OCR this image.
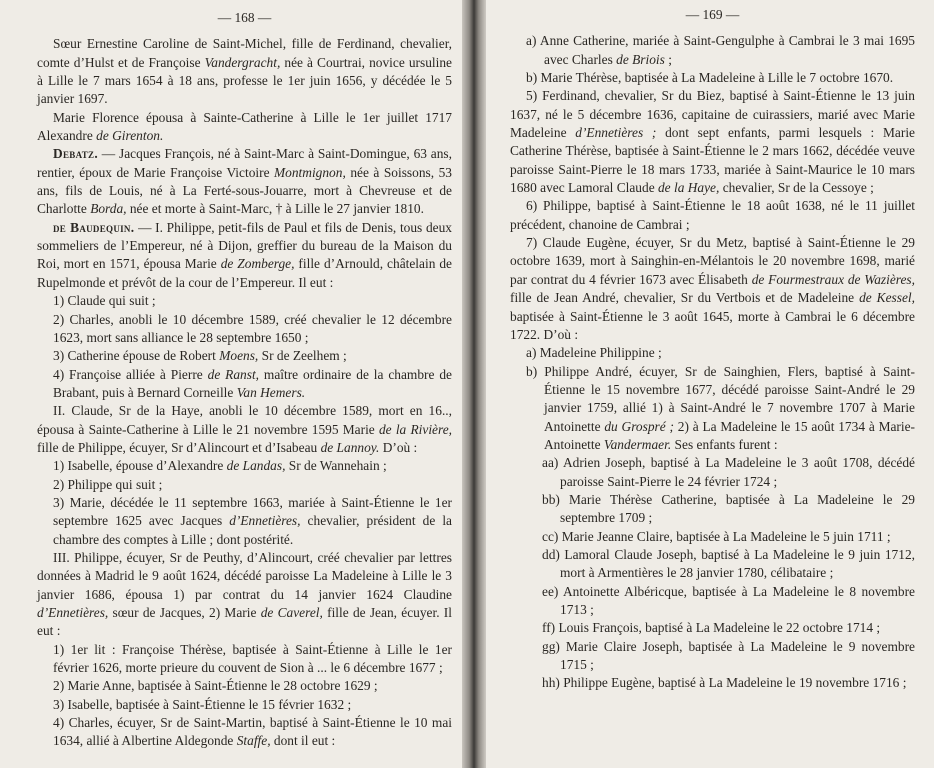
— 168 —

Sœur Ernestine Caroline de Saint-Michel, fille de Ferdinand, chevalier, comte d’Hulst et de Françoise Vandergracht, née à Courtrai, novice ursuline à Lille le 7 mars 1654 à 18 ans, professe le 1er juin 1656, y décédée le 5 janvier 1697.

Marie Florence épousa à Sainte-Catherine à Lille le 1er juillet 1717 Alexandre de Girenton.

Debatz. — Jacques François, né à Saint-Marc à Saint-Domingue, 63 ans, rentier, époux de Marie Françoise Victoire Montmignon, née à Soissons, 53 ans, fils de Louis, né à La Ferté-sous-Jouarre, mort à Chevreuse et de Charlotte Borda, née et morte à Saint-Marc, † à Lille le 27 janvier 1810.

de Baudequin. — I. Philippe, petit-fils de Paul et fils de Denis, tous deux sommeliers de l’Empereur, né à Dijon, greffier du bureau de la Maison du Roi, mort en 1571, épousa Marie de Zomberge, fille d’Arnould, châtelain de Rupelmonde et prévôt de la cour de l’Empereur. Il eut :

1) Claude qui suit ;

2) Charles, anobli le 10 décembre 1589, créé chevalier le 12 décembre 1623, mort sans alliance le 28 septembre 1650 ;

3) Catherine épouse de Robert Moens, Sr de Zeelhem ;

4) Françoise alliée à Pierre de Ranst, maître ordinaire de la chambre de Brabant, puis à Bernard Corneille Van Hemers.

II. Claude, Sr de la Haye, anobli le 10 décembre 1589, mort en 16.., épousa à Sainte-Catherine à Lille le 21 novembre 1595 Marie de la Rivière, fille de Philippe, écuyer, Sr d’Alincourt et d’Isabeau de Lannoy. D’où :

1) Isabelle, épouse d’Alexandre de Landas, Sr de Wannehain ;

2) Philippe qui suit ;

3) Marie, décédée le 11 septembre 1663, mariée à Saint-Étienne le 1er septembre 1625 avec Jacques d’Ennetières, chevalier, président de la chambre des comptes à Lille ; dont postérité.

III. Philippe, écuyer, Sr de Peuthy, d’Alincourt, créé chevalier par lettres données à Madrid le 9 août 1624, décédé paroisse La Madeleine à Lille le 3 janvier 1686, épousa 1) par contrat du 14 janvier 1624 Claudine d’Ennetières, sœur de Jacques, 2) Marie de Caverel, fille de Jean, écuyer. Il eut :

1) 1er lit : Françoise Thérèse, baptisée à Saint-Étienne à Lille le 1er février 1626, morte prieure du couvent de Sion à ... le 6 décembre 1677 ;

2) Marie Anne, baptisée à Saint-Étienne le 28 octobre 1629 ;

3) Isabelle, baptisée à Saint-Étienne le 15 février 1632 ;

4) Charles, écuyer, Sr de Saint-Martin, baptisé à Saint-Étienne le 10 mai 1634, allié à Albertine Aldegonde Staffe, dont il eut :

— 169 —

a) Anne Catherine, mariée à Saint-Gengulphe à Cambrai le 3 mai 1695 avec Charles de Briois ;

b) Marie Thérèse, baptisée à La Madeleine à Lille le 7 octobre 1670.

5) Ferdinand, chevalier, Sr du Biez, baptisé à Saint-Étienne le 13 juin 1637, né le 5 décembre 1636, capitaine de cuirassiers, marié avec Marie Madeleine d’Ennetières ; dont sept enfants, parmi lesquels : Marie Catherine Thérèse, baptisée à Saint-Étienne le 2 mars 1662, décédée veuve paroisse Saint-Pierre le 18 mars 1733, mariée à Saint-Maurice le 10 mars 1680 avec Lamoral Claude de la Haye, chevalier, Sr de la Cessoye ;

6) Philippe, baptisé à Saint-Étienne le 18 août 1638, né le 11 juillet précédent, chanoine de Cambrai ;

7) Claude Eugène, écuyer, Sr du Metz, baptisé à Saint-Étienne le 29 octobre 1639, mort à Sainghin-en-Mélantois le 20 novembre 1698, marié par contrat du 4 février 1673 avec Élisabeth de Fourmestraux de Wazières, fille de Jean André, chevalier, Sr du Vertbois et de Madeleine de Kessel, baptisée à Saint-Étienne le 3 août 1645, morte à Cambrai le 6 décembre 1722. D’où :

a) Madeleine Philippine ;

b) Philippe André, écuyer, Sr de Sainghien, Flers, baptisé à Saint-Étienne le 15 novembre 1677, décédé paroisse Saint-André le 29 janvier 1759, allié 1) à Saint-André le 7 novembre 1707 à Marie Antoinette du Grospré ; 2) à La Madeleine le 15 août 1734 à Marie-Antoinette Vandermaer. Ses enfants furent :

aa) Adrien Joseph, baptisé à La Madeleine le 3 août 1708, décédé paroisse Saint-Pierre le 24 février 1724 ;

bb) Marie Thérèse Catherine, baptisée à La Madeleine le 29 septembre 1709 ;

cc) Marie Jeanne Claire, baptisée à La Madeleine le 5 juin 1711 ;

dd) Lamoral Claude Joseph, baptisé à La Madeleine le 9 juin 1712, mort à Armentières le 28 janvier 1780, célibataire ;

ee) Antoinette Albéricque, baptisée à La Madeleine le 8 novembre 1713 ;

ff) Louis François, baptisé à La Madeleine le 22 octobre 1714 ;

gg) Marie Claire Joseph, baptisée à La Madeleine le 9 novembre 1715 ;

hh) Philippe Eugène, baptisé à La Madeleine le 19 novembre 1716 ;
